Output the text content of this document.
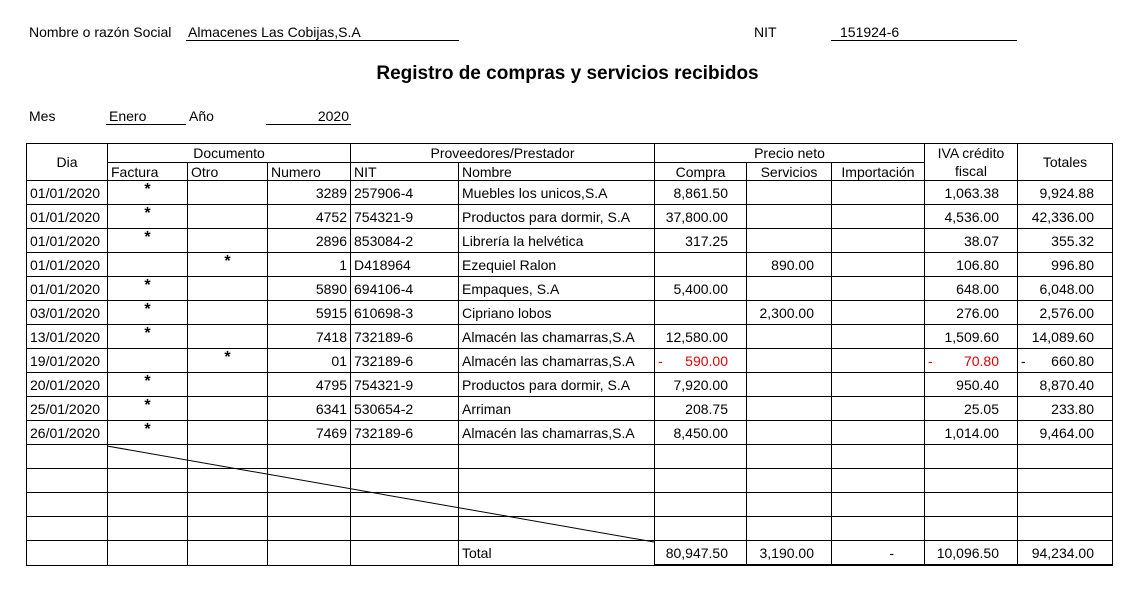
Nombre o razón Social Almacenes Las Cobijas,S.A	NIT	151924-6
Registro de compras y servicios recibidos
Mes	Enero	Año	2020
Dia	Documento			Proveedores/Prestador		Precio neto			IVA crédito fiscal	Totales
	Factura	Otro	Numero	NIT	Nombre	Compra	Servicios	Importación		
01/01/2020	*		3289	257906-4	Muebles los unicos,S.A	8,861.50			1,063.38	9,924.88
01/01/2020	*		4752	754321-9	Productos para dormir, S.A	37,800.00			4,536.00	42,336.00
01/01/2020	*		2896	853084-2	Librería la helvética	317.25			38.07	355.32
01/01/2020		*	1	D418964	Ezequiel Ralon		890.00		106.80	996.80
01/01/2020	*		5890	694106-4	Empaques, S.A	5,400.00			648.00	6,048.00
03/01/2020	*		5915	610698-3	Cipriano lobos		2,300.00		276.00	2,576.00
13/01/2020	*		7418	732189-6	Almacén las chamarras,S.A	12,580.00			1,509.60	14,089.60
19/01/2020		*	01	732189-6	Almacén las chamarras,S.A	- 590.00			- 70.80	- 660.80

20/01/2020	*		4795	754321-9	Productos para dormir, S.A	7,920.00			950.40	8,870.40
25/01/2020	*		6341	530654-2	Arriman	208.75			25.05	233.80
26/01/2020	*		7469	732189-6	Almacén las chamarras,S.A	8,450.00			1,014.00	9,464.00

					Total	80,947.50	3,190.00	-	10,096.50	94,234.00
